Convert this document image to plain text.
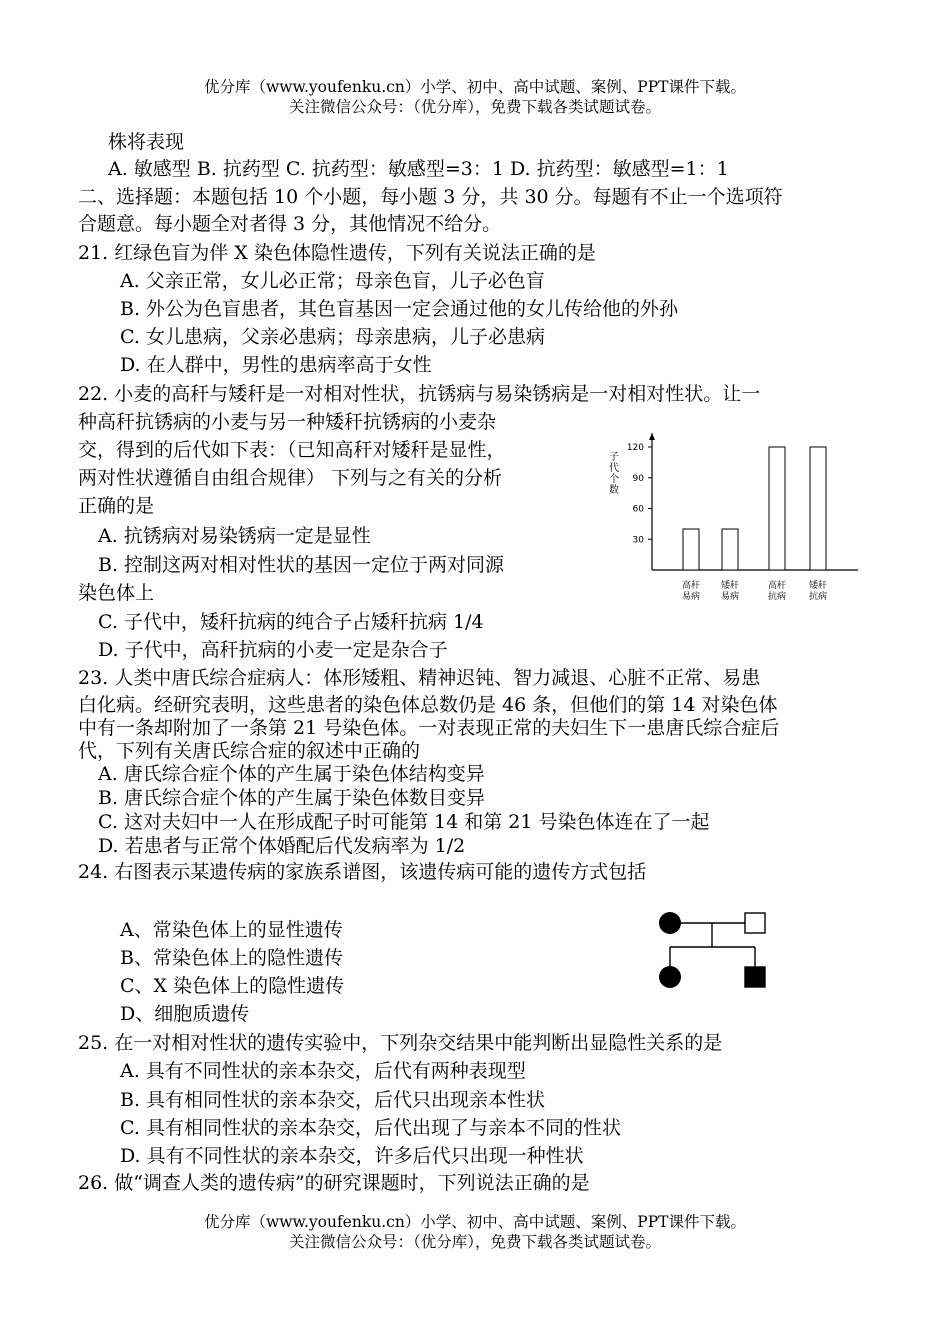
优分库（www.youfenku.cn）小学、初中、高中试题、案例、PPT课件下载。
关注微信公众号：（优分库），免费下载各类试题试卷。
株将表现
A. 敏感型 B. 抗药型 C. 抗药型：敏感型=3：1 D. 抗药型：敏感型=1：1
二、选择题：本题包括 10 个小题，每小题 3 分，共 30 分。每题有不止一个选项符
合题意。每小题全对者得 3 分，其他情况不给分。
21. 红绿色盲为伴 X 染色体隐性遗传，下列有关说法正确的是
A. 父亲正常，女儿必正常；母亲色盲，儿子必色盲
B. 外公为色盲患者，其色盲基因一定会通过他的女儿传给他的外孙
C. 女儿患病，父亲必患病；母亲患病，儿子必患病
D. 在人群中，男性的患病率高于女性
22. 小麦的高秆与矮秆是一对相对性状，抗锈病与易染锈病是一对相对性状。让一
种高秆抗锈病的小麦与另一种矮秆抗锈病的小麦杂
交，得到的后代如下表：（已知高秆对矮秆是显性，
两对性状遵循自由组合规律） 下列与之有关的分析
正确的是
A. 抗锈病对易染锈病一定是显性
B. 控制这两对相对性状的基因一定位于两对同源
染色体上
C. 子代中，矮秆抗病的纯合子占矮秆抗病 1/4
D. 子代中，高秆抗病的小麦一定是杂合子
子代个数
30
60
90
120
高秆
易病
矮秆
易病
高秆
抗病
矮秆
抗病
23. 人类中唐氏综合症病人：体形矮粗、精神迟钝、智力减退、心脏不正常、易患
白化病。经研究表明，这些患者的染色体总数仍是 46 条，但他们的第 14 对染色体
中有一条却附加了一条第 21 号染色体。一对表现正常的夫妇生下一患唐氏综合症后
代，下列有关唐氏综合症的叙述中正确的
A. 唐氏综合症个体的产生属于染色体结构变异
B. 唐氏综合症个体的产生属于染色体数目变异
C. 这对夫妇中一人在形成配子时可能第 14 和第 21 号染色体连在了一起
D. 若患者与正常个体婚配后代发病率为 1/2
24. 右图表示某遗传病的家族系谱图，该遗传病可能的遗传方式包括
A、常染色体上的显性遗传
B、常染色体上的隐性遗传
C、X 染色体上的隐性遗传
D、细胞质遗传
25. 在一对相对性状的遗传实验中，下列杂交结果中能判断出显隐性关系的是
A. 具有不同性状的亲本杂交，后代有两种表现型
B. 具有相同性状的亲本杂交，后代只出现亲本性状
C. 具有相同性状的亲本杂交，后代出现了与亲本不同的性状
D. 具有不同性状的亲本杂交，许多后代只出现一种性状
26. 做“调查人类的遗传病”的研究课题时，下列说法正确的是
优分库（www.youfenku.cn）小学、初中、高中试题、案例、PPT课件下载。
关注微信公众号：（优分库），免费下载各类试题试卷。
